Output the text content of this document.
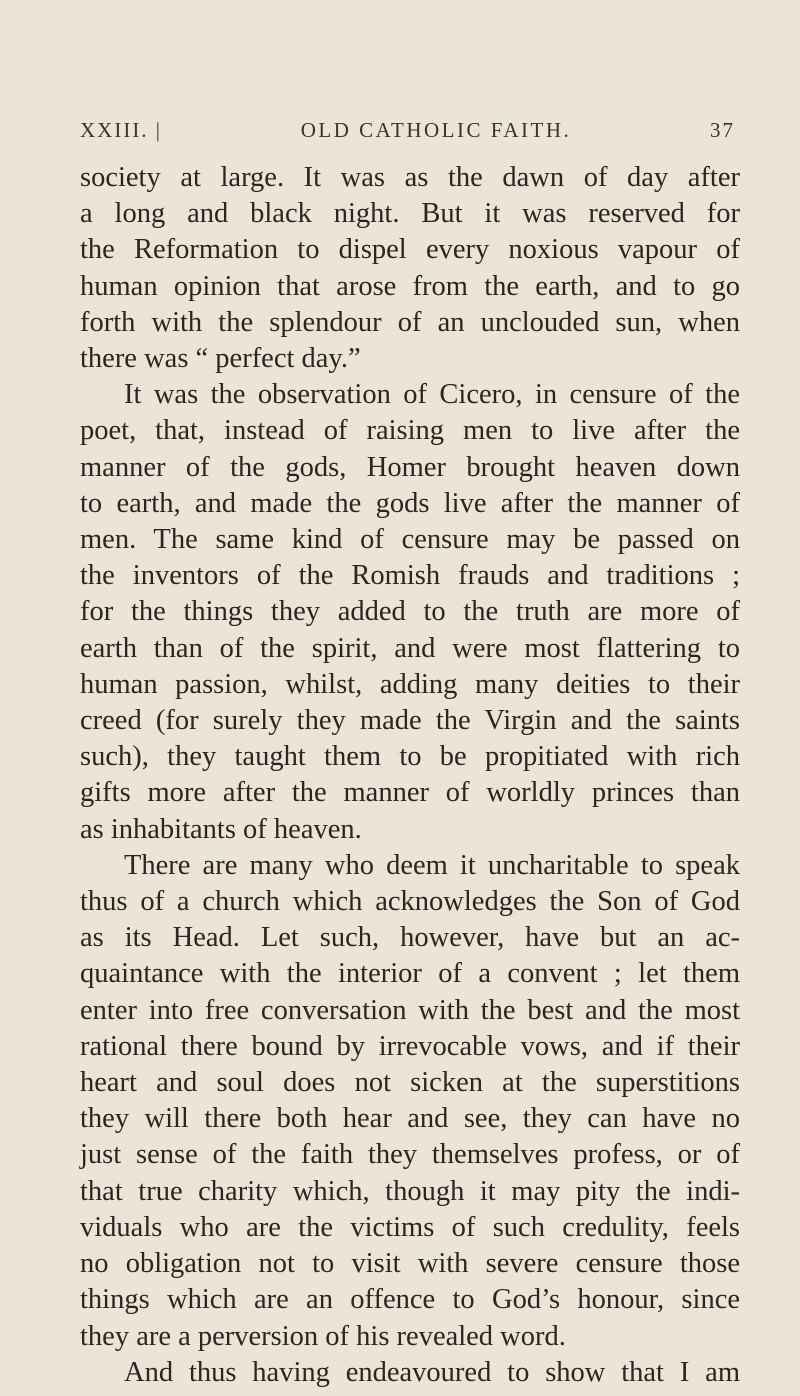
XXIII. |	OLD CATHOLIC FAITH.	37

society at large. It was as the dawn of day after
a long and black night. But it was reserved for
the Reformation to dispel every noxious vapour of
human opinion that arose from the earth, and to go
forth with the splendour of an unclouded sun, when
there was “ perfect day.”

It was the observation of Cicero, in censure of the
poet, that, instead of raising men to live after the
manner of the gods, Homer brought heaven down
to earth, and made the gods live after the manner of
men. The same kind of censure may be passed on
the inventors of the Romish frauds and traditions ;
for the things they added to the truth are more of
earth than of the spirit, and were most flattering to
human passion, whilst, adding many deities to their
creed (for surely they made the Virgin and the saints
such), they taught them to be propitiated with rich
gifts more after the manner of worldly princes than
as inhabitants of heaven.

There are many who deem it uncharitable to speak
thus of a church which acknowledges the Son of God
as its Head. Let such, however, have but an ac-
quaintance with the interior of a convent ; let them
enter into free conversation with the best and the most
rational there bound by irrevocable vows, and if their
heart and soul does not sicken at the superstitions
they will there both hear and see, they can have no
just sense of the faith they themselves profess, or of
that true charity which, though it may pity the indi-
viduals who are the victims of such credulity, feels
no obligation not to visit with severe censure those
things which are an offence to God’s honour, since
they are a perversion of his revealed word.

And thus having endeavoured to show that I am
